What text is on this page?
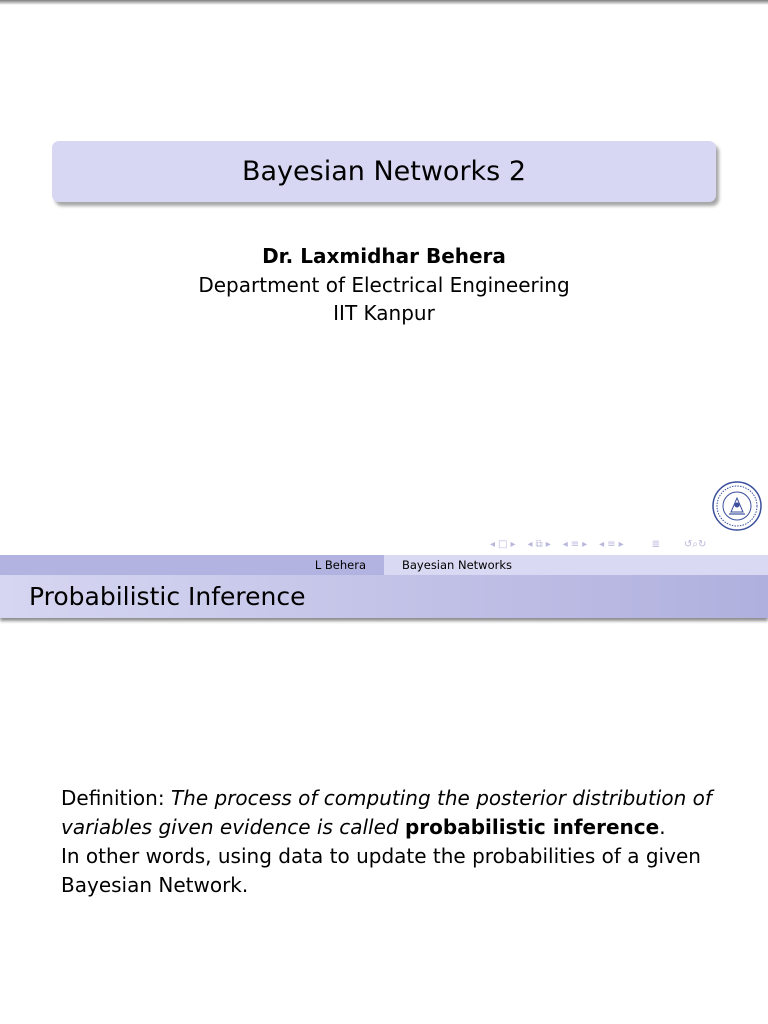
Bayesian Networks 2
Dr. Laxmidhar Behera
Department of Electrical Engineering
IIT Kanpur
◂ □ ▸ ◂ ⧉ ▸ ◂ ≡ ▸ ◂ ≡ ▸	≣ ↺⌕↻
L Behera	Bayesian Networks
Probabilistic Inference
Definition: The process of computing the posterior distribution of variables given evidence is called probabilistic inference.
In other words, using data to update the probabilities of a given Bayesian Network.
